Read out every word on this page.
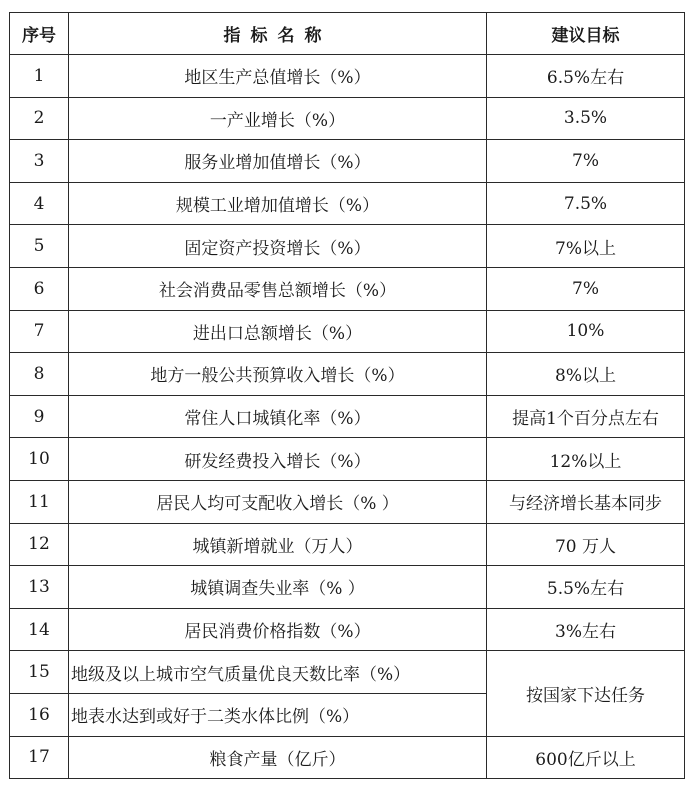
序号	指标名称	建议目标
1	地区生产总值增长（%）	6.5%左右
2	一产业增长（%）	3.5%
3	服务业增加值增长（%）	7%
4	规模工业增加值增长（%）	7.5%
5	固定资产投资增长（%）	7%以上
6	社会消费品零售总额增长（%）	7%
7	进出口总额增长（%）	10%
8	地方一般公共预算收入增长（%）	8%以上
9	常住人口城镇化率（%）	提高1个百分点左右
10	研发经费投入增长（%）	12%以上
11	居民人均可支配收入增长（% ）	与经济增长基本同步
12	城镇新增就业（万人）	70 万人
13	城镇调查失业率（% ）	5.5%左右
14	居民消费价格指数（%）	3%左右
15	地级及以上城市空气质量优良天数比率（%）	按国家下达任务
16	地表水达到或好于二类水体比例（%）	
17	粮食产量（亿斤）	600亿斤以上
